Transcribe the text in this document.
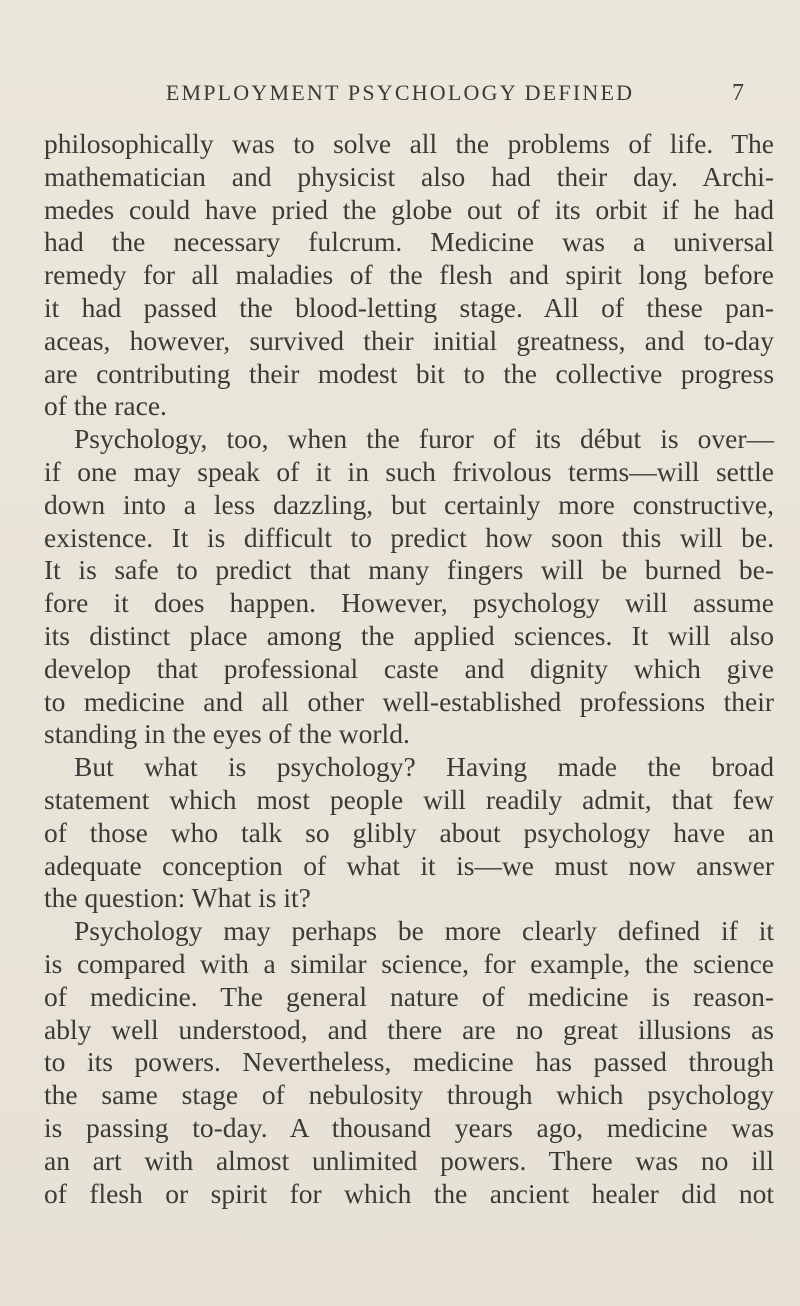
EMPLOYMENT PSYCHOLOGY DEFINED	7
philosophically was to solve all the problems of life. The
mathematician and physicist also had their day. Archi-
medes could have pried the globe out of its orbit if he had
had the necessary fulcrum. Medicine was a universal
remedy for all maladies of the flesh and spirit long before
it had passed the blood-letting stage. All of these pan-
aceas, however, survived their initial greatness, and to-day
are contributing their modest bit to the collective progress
of the race.
Psychology, too, when the furor of its début is over—
if one may speak of it in such frivolous terms—will settle
down into a less dazzling, but certainly more constructive,
existence. It is difficult to predict how soon this will be.
It is safe to predict that many fingers will be burned be-
fore it does happen. However, psychology will assume
its distinct place among the applied sciences. It will also
develop that professional caste and dignity which give
to medicine and all other well-established professions their
standing in the eyes of the world.
But what is psychology? Having made the broad
statement which most people will readily admit, that few
of those who talk so glibly about psychology have an
adequate conception of what it is—we must now answer
the question: What is it?
Psychology may perhaps be more clearly defined if it
is compared with a similar science, for example, the science
of medicine. The general nature of medicine is reason-
ably well understood, and there are no great illusions as
to its powers. Nevertheless, medicine has passed through
the same stage of nebulosity through which psychology
is passing to-day. A thousand years ago, medicine was
an art with almost unlimited powers. There was no ill
of flesh or spirit for which the ancient healer did not
